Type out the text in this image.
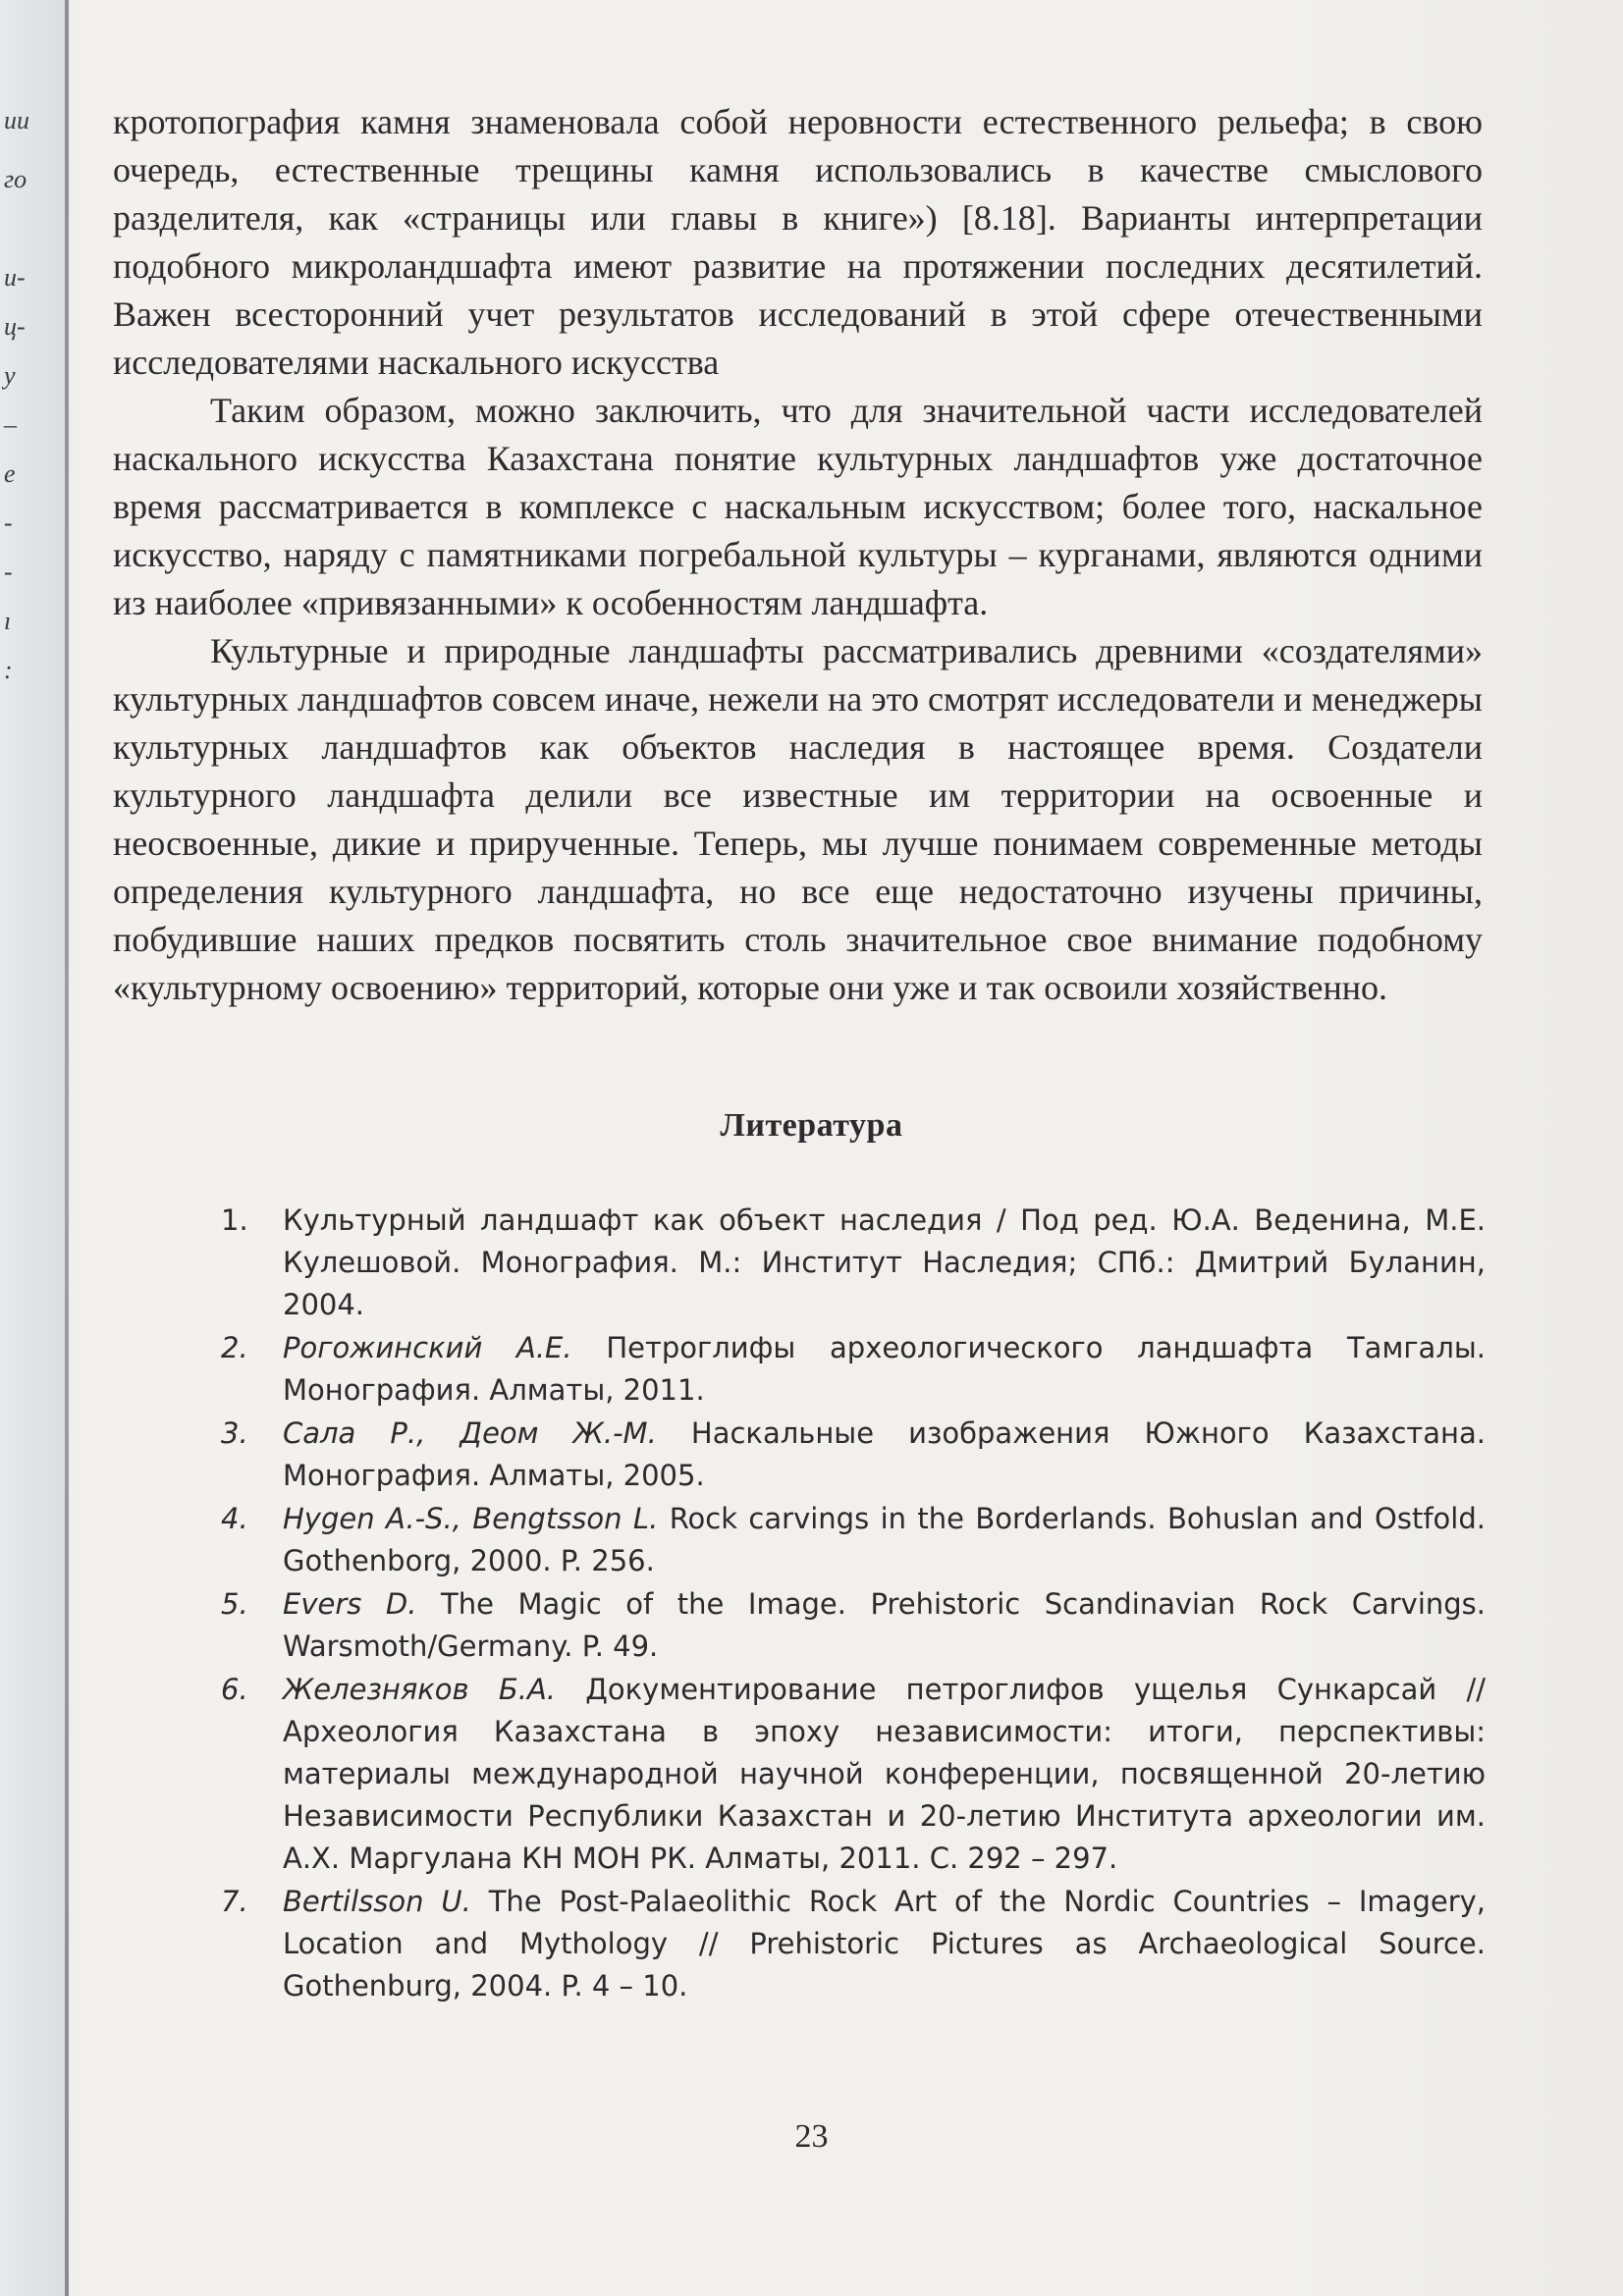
ии
го
и-
ц-
у
–
е
-
-
ı
:

кротопография камня знаменовала собой неровности естественного рельефа; в свою очередь, естественные трещины камня использовались в качестве смыслового разделителя, как «страницы или главы в книге») [8.18]. Варианты интерпретации подобного микроландшафта имеют развитие на протяжении последних десятилетий. Важен всесторонний учет результатов исследований в этой сфере отечественными исследователями наскального искусства

Таким образом, можно заключить, что для значительной части исследователей наскального искусства Казахстана понятие культурных ландшафтов уже достаточное время рассматривается в комплексе с наскальным искусством; более того, наскальное искусство, наряду с памятниками погребальной культуры – курганами, являются одними из наиболее «привязанными» к особенностям ландшафта.

Культурные и природные ландшафты рассматривались древними «создателями» культурных ландшафтов совсем иначе, нежели на это смотрят исследователи и менеджеры культурных ландшафтов как объектов наследия в настоящее время. Создатели культурного ландшафта делили все известные им территории на освоенные и неосвоенные, дикие и прирученные. Теперь, мы лучше понимаем современные методы определения культурного ландшафта, но все еще недостаточно изучены причины, побудившие наших предков посвятить столь значительное свое внимание подобному «культурному освоению» территорий, которые они уже и так освоили хозяйственно.

Литература
1. Культурный ландшафт как объект наследия / Под ред. Ю.А. Веденина, М.Е. Кулешовой. Монография. М.: Институт Наследия; СПб.: Дмитрий Буланин, 2004.
2. Рогожинский А.Е. Петроглифы археологического ландшафта Тамгалы. Монография. Алматы, 2011.
3. Сала Р., Деом Ж.-М. Наскальные изображения Южного Казахстана. Монография. Алматы, 2005.
4. Hygen A.-S., Bengtsson L. Rock carvings in the Borderlands. Bohuslan and Ostfold. Gothenborg, 2000. P. 256.
5. Evers D. The Magic of the Image. Prehistoric Scandinavian Rock Carvings. Warsmoth/Germany. P. 49.
6. Железняков Б.А. Документирование петроглифов ущелья Сункарсай // Археология Казахстана в эпоху независимости: итоги, перспективы: материалы международной научной конференции, посвященной 20-летию Независимости Республики Казахстан и 20-летию Института археологии им. А.Х. Маргулана КН МОН РК. Алматы, 2011. С. 292 – 297.
7. Bertilsson U. The Post-Palaeolithic Rock Art of the Nordic Countries – Imagery, Location and Mythology // Prehistoric Pictures as Archaeological Source. Gothenburg, 2004. P. 4 – 10.
23
